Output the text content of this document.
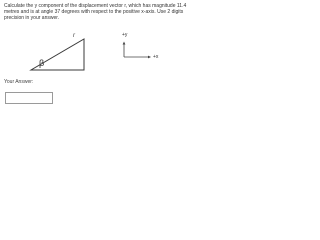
Calculate the y component of the displacement vector r, which has magnitude 11.4 metres and is at angle 37 degrees with respect to the positive x-axis. Use 2 digits precision in your answer.

r
β
+y
+x
Your Answer:
